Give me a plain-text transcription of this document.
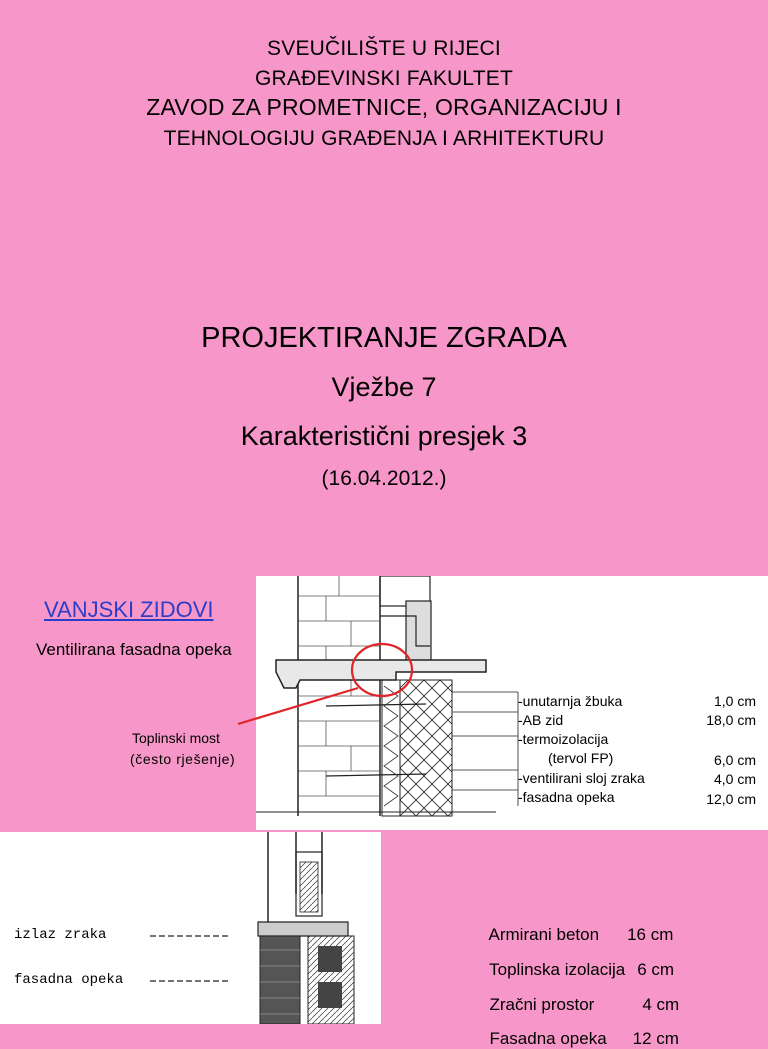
SVEUČILIŠTE U RIJECI
GRAĐEVINSKI FAKULTET
ZAVOD ZA PROMETNICE, ORGANIZACIJU I
TEHNOLOGIJU GRAĐENJA I ARHITEKTURU
PROJEKTIRANJE ZGRADA
Vježbe 7
Karakteristični presjek 3
(16.04.2012.)
VANJSKI ZIDOVI
Ventilirana fasadna opeka
-unutarnja žbuka	1,0 cm
-AB zid	18,0 cm
-termoizolacija
(tervol FP)	6,0 cm
-ventilirani sloj zraka	4,0 cm
-fasadna opeka	12,0 cm
Toplinski most
(često rješenje)
izlaz zraka
fasadna opeka

Armirani beton 16 cm

Toplinska izolacija 6 cm

Zračni prostor	4 cm

Fasadna opeka 12 cm
